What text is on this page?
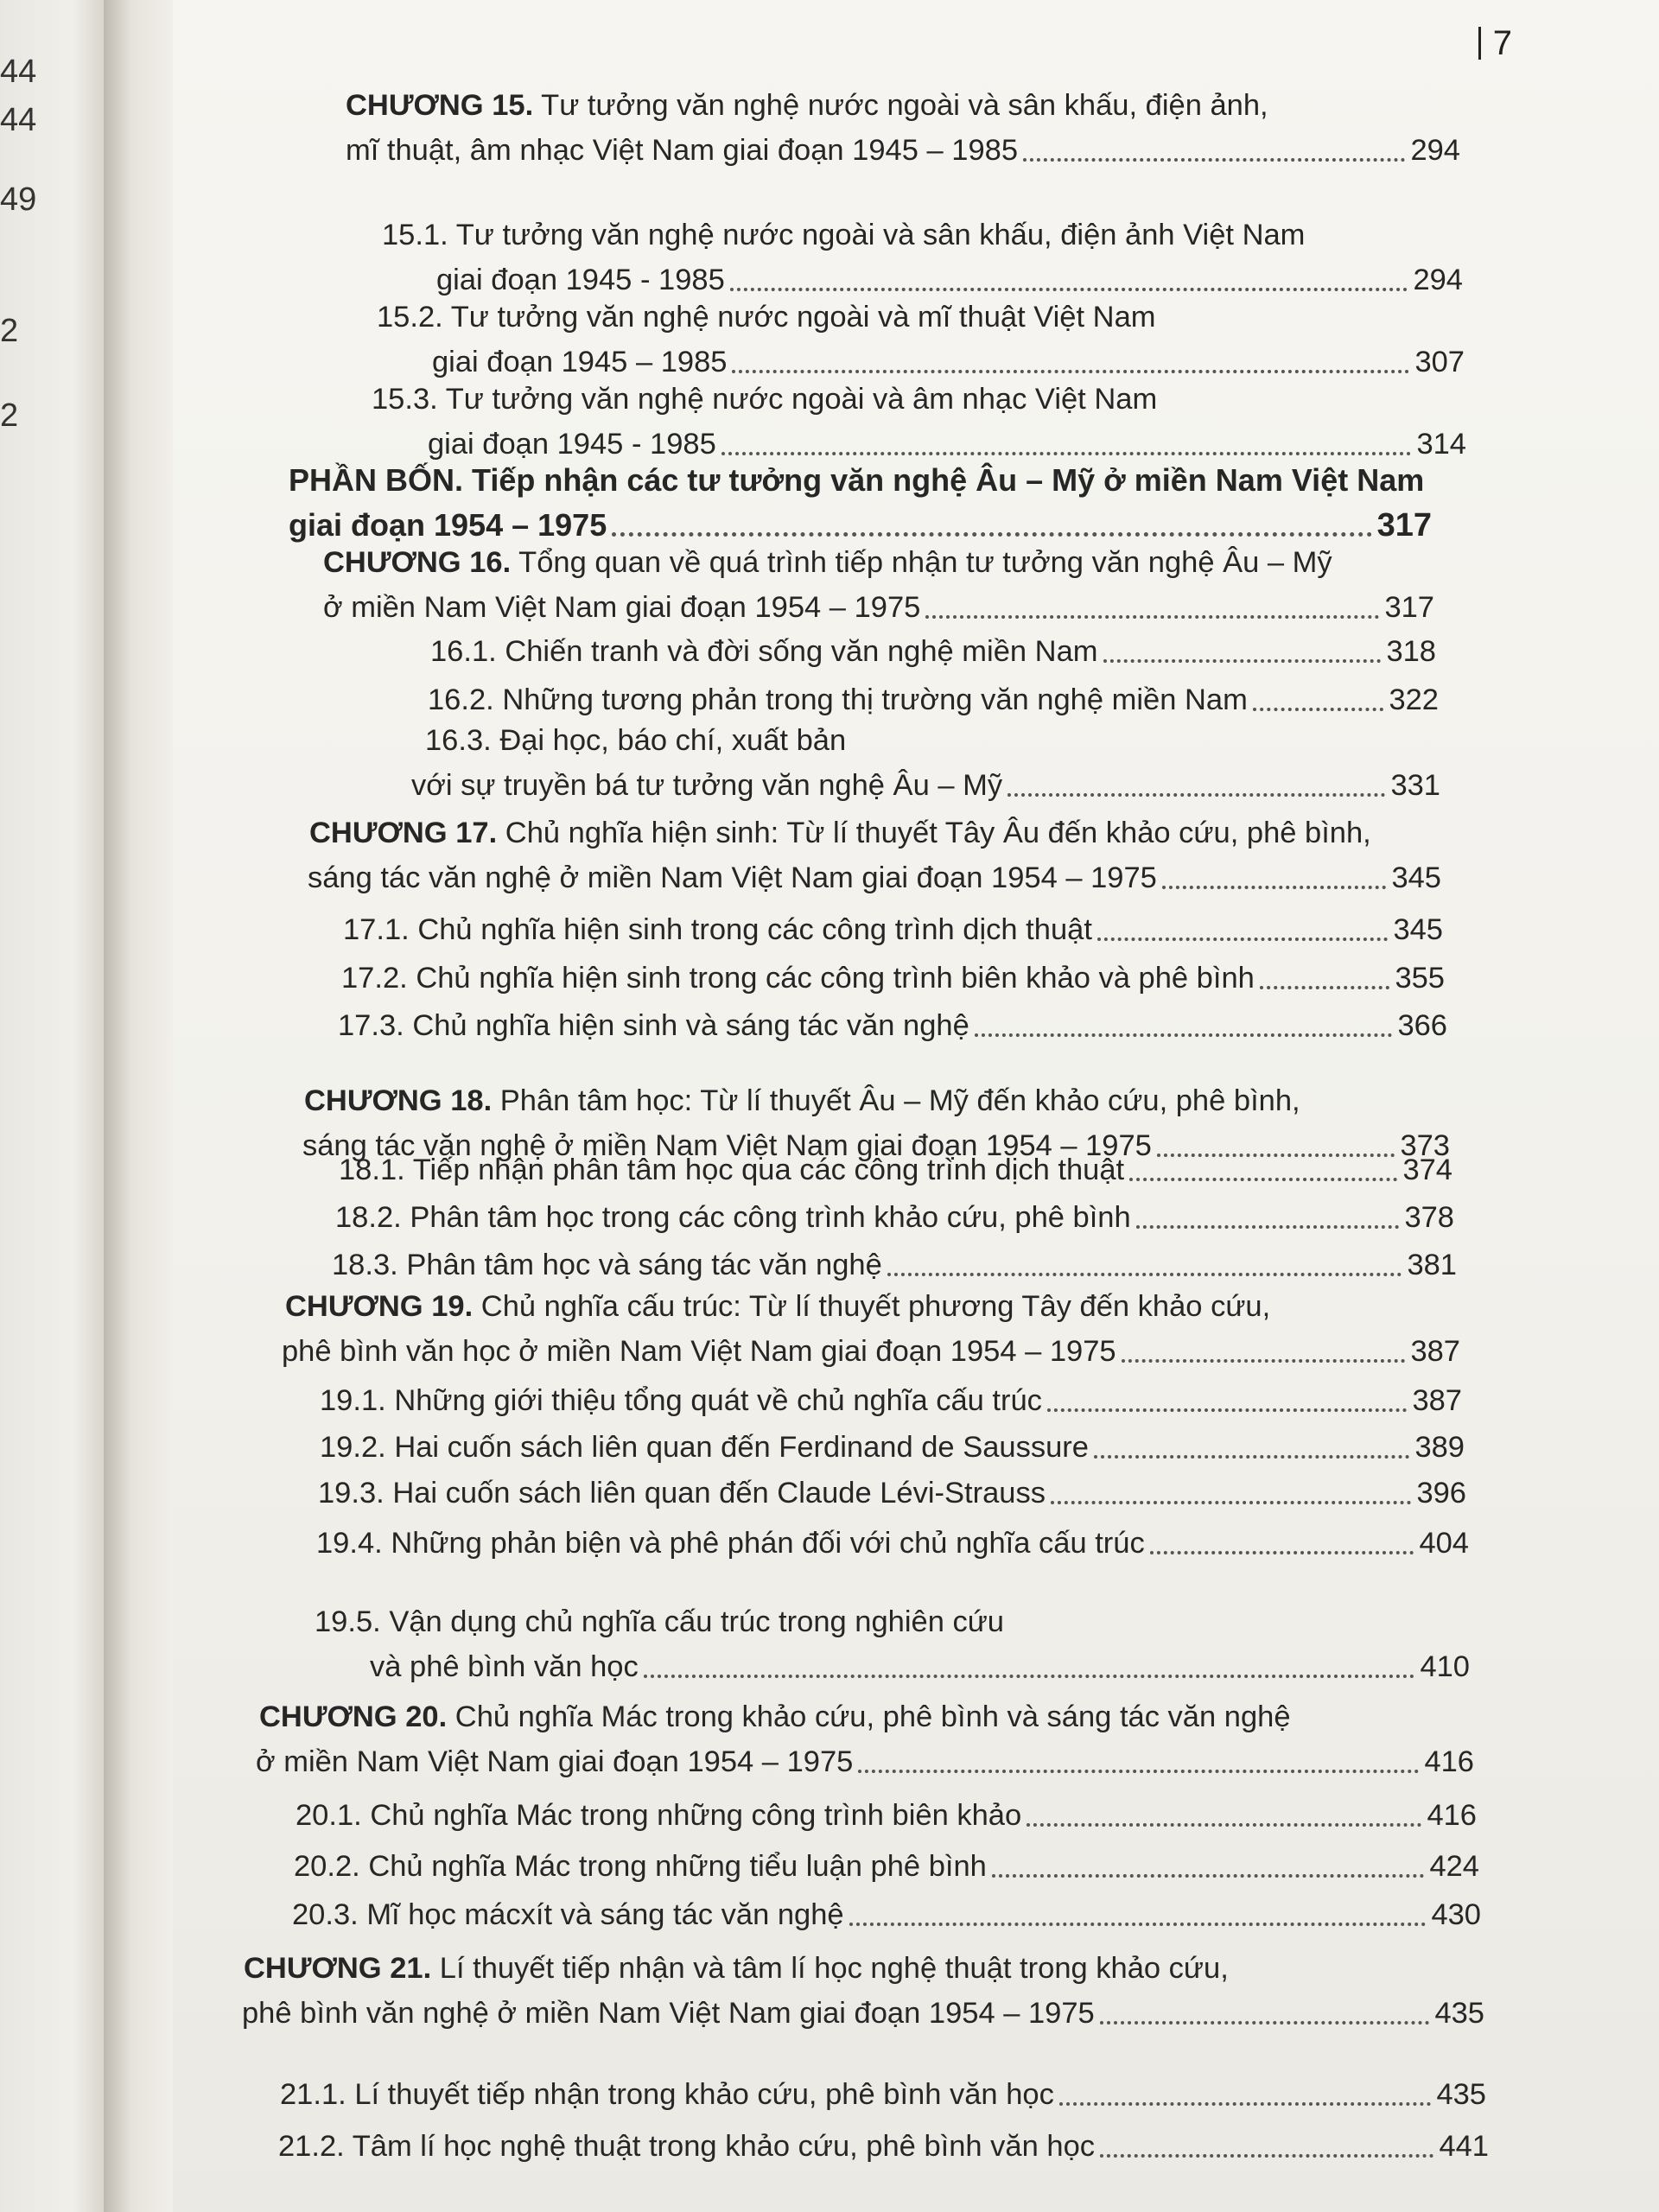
44
44
49
2
2
7
CHƯƠNG 15. Tư tưởng văn nghệ nước ngoài và sân khấu, điện ảnh,
mĩ thuật, âm nhạc Việt Nam giai đoạn 1945 – 1985	294
15.1. Tư tưởng văn nghệ nước ngoài và sân khấu, điện ảnh Việt Nam
giai đoạn 1945 - 1985	294
15.2. Tư tưởng văn nghệ nước ngoài và mĩ thuật Việt Nam
giai đoạn 1945 – 1985	307
15.3. Tư tưởng văn nghệ nước ngoài và âm nhạc Việt Nam
giai đoạn 1945 - 1985	314
PHẦN BỐN. Tiếp nhận các tư tưởng văn nghệ Âu – Mỹ ở miền Nam Việt Nam
giai đoạn 1954 – 1975	317
CHƯƠNG 16. Tổng quan về quá trình tiếp nhận tư tưởng văn nghệ Âu – Mỹ
ở miền Nam Việt Nam giai đoạn 1954 – 1975	317
16.1. Chiến tranh và đời sống văn nghệ miền Nam	318
16.2. Những tương phản trong thị trường văn nghệ miền Nam	322
16.3. Đại học, báo chí, xuất bản
với sự truyền bá tư tưởng văn nghệ Âu – Mỹ	331
CHƯƠNG 17. Chủ nghĩa hiện sinh: Từ lí thuyết Tây Âu đến khảo cứu, phê bình,
sáng tác văn nghệ ở miền Nam Việt Nam giai đoạn 1954 – 1975	345
17.1. Chủ nghĩa hiện sinh trong các công trình dịch thuật	345
17.2. Chủ nghĩa hiện sinh trong các công trình biên khảo và phê bình	355
17.3. Chủ nghĩa hiện sinh và sáng tác văn nghệ	366
CHƯƠNG 18. Phân tâm học: Từ lí thuyết Âu – Mỹ đến khảo cứu, phê bình,
sáng tác văn nghệ ở miền Nam Việt Nam giai đoạn 1954 – 1975	373
18.1. Tiếp nhận phân tâm học qua các công trình dịch thuật	374
18.2. Phân tâm học trong các công trình khảo cứu, phê bình	378
18.3. Phân tâm học và sáng tác văn nghệ	381
CHƯƠNG 19. Chủ nghĩa cấu trúc: Từ lí thuyết phương Tây đến khảo cứu,
phê bình văn học ở miền Nam Việt Nam giai đoạn 1954 – 1975	387
19.1. Những giới thiệu tổng quát về chủ nghĩa cấu trúc	387
19.2. Hai cuốn sách liên quan đến Ferdinand de Saussure	389
19.3. Hai cuốn sách liên quan đến Claude Lévi-Strauss	396
19.4. Những phản biện và phê phán đối với chủ nghĩa cấu trúc	404
19.5. Vận dụng chủ nghĩa cấu trúc trong nghiên cứu
và phê bình văn học	410
CHƯƠNG 20. Chủ nghĩa Mác trong khảo cứu, phê bình và sáng tác văn nghệ
ở miền Nam Việt Nam giai đoạn 1954 – 1975	416
20.1. Chủ nghĩa Mác trong những công trình biên khảo	416
20.2. Chủ nghĩa Mác trong những tiểu luận phê bình	424
20.3. Mĩ học mácxít và sáng tác văn nghệ	430
CHƯƠNG 21. Lí thuyết tiếp nhận và tâm lí học nghệ thuật trong khảo cứu,
phê bình văn nghệ ở miền Nam Việt Nam giai đoạn 1954 – 1975	435
21.1. Lí thuyết tiếp nhận trong khảo cứu, phê bình văn học	435
21.2. Tâm lí học nghệ thuật trong khảo cứu, phê bình văn học	441
